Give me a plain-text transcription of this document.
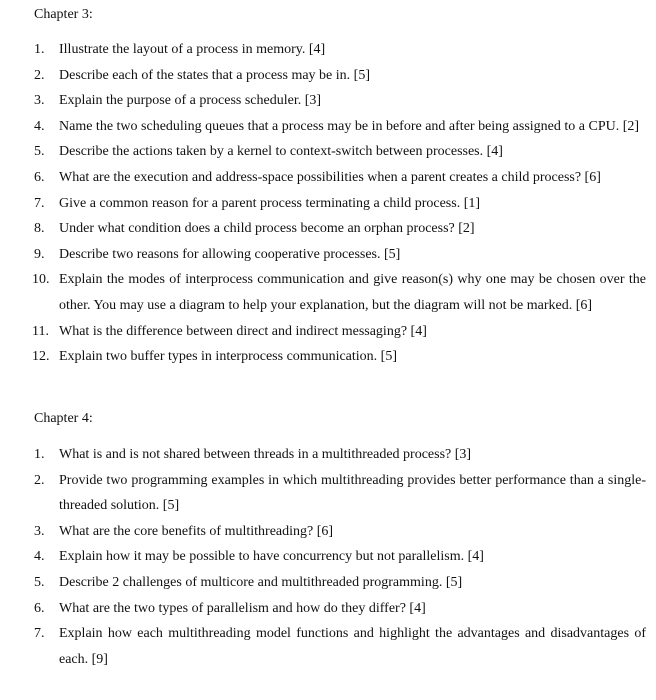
Chapter 3:
1.	Illustrate the layout of a process in memory. [4]
2.	Describe each of the states that a process may be in. [5]
3.	Explain the purpose of a process scheduler. [3]
4.	Name the two scheduling queues that a process may be in before and after being assigned to a CPU. [2]
5.	Describe the actions taken by a kernel to context-switch between processes. [4]
6.	What are the execution and address-space possibilities when a parent creates a child process? [6]
7.	Give a common reason for a parent process terminating a child process. [1]
8.	Under what condition does a child process become an orphan process? [2]
9.	Describe two reasons for allowing cooperative processes. [5]
10. Explain the modes of interprocess communication and give reason(s) why one may be chosen over the other. You may use a diagram to help your explanation, but the diagram will not be marked. [6]
11. What is the difference between direct and indirect messaging? [4]
12. Explain two buffer types in interprocess communication. [5]
Chapter 4:
1.	What is and is not shared between threads in a multithreaded process? [3]
2.	Provide two programming examples in which multithreading provides better performance than a single-threaded solution. [5]
3.	What are the core benefits of multithreading? [6]
4.	Explain how it may be possible to have concurrency but not parallelism. [4]
5.	Describe 2 challenges of multicore and multithreaded programming. [5]
6.	What are the two types of parallelism and how do they differ? [4]
7.	Explain how each multithreading model functions and highlight the advantages and disadvantages of each. [9]
